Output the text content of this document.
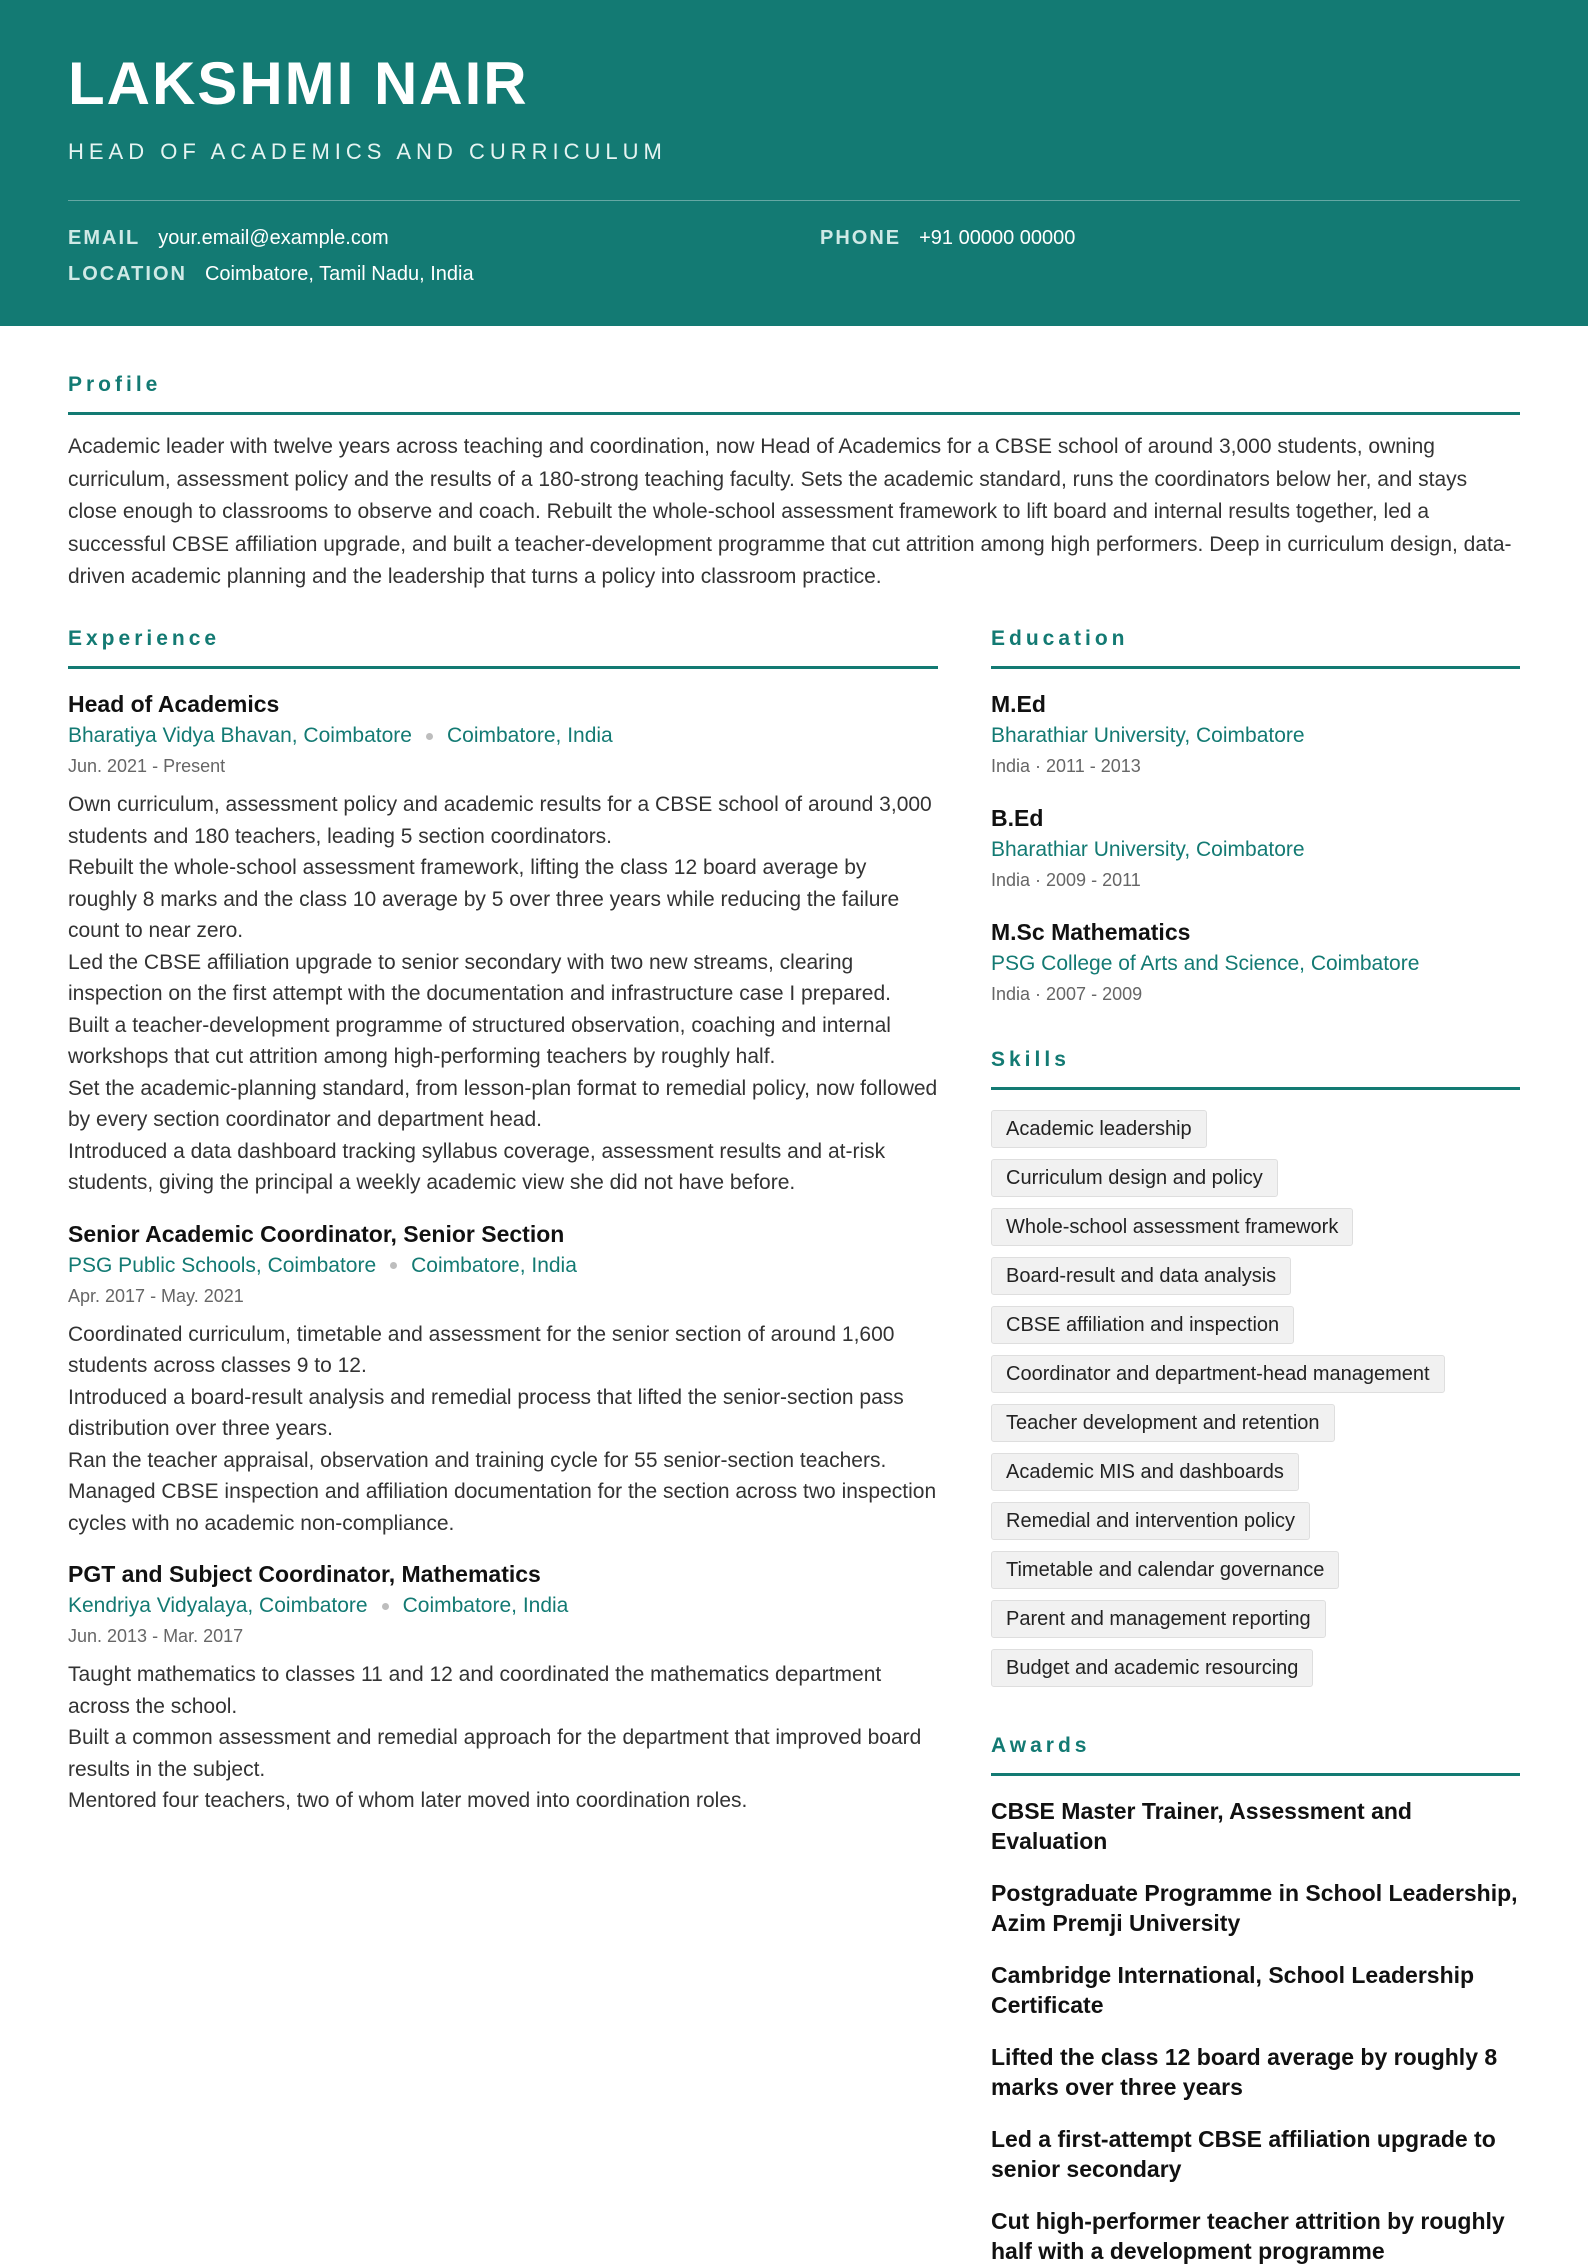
LAKSHMI NAIR
HEAD OF ACADEMICS AND CURRICULUM
EMAIL your.email@example.com	PHONE +91 00000 00000
LOCATION Coimbatore, Tamil Nadu, India
Profile

Academic leader with twelve years across teaching and coordination, now Head of Academics for a CBSE school of around 3,000 students, owning curriculum, assessment policy and the results of a 180-strong teaching faculty. Sets the academic standard, runs the coordinators below her, and stays close enough to classrooms to observe and coach. Rebuilt the whole-school assessment framework to lift board and internal results together, led a successful CBSE affiliation upgrade, and built a teacher-development programme that cut attrition among high performers. Deep in curriculum design, data-driven academic planning and the leadership that turns a policy into classroom practice.

Experience
Head of Academics
Bharatiya Vidya Bhavan, Coimbatore Coimbatore, India
Jun. 2021 - Present
Own curriculum, assessment policy and academic results for a CBSE school of around 3,000 students and 180 teachers, leading 5 section coordinators.
Rebuilt the whole-school assessment framework, lifting the class 12 board average by roughly 8 marks and the class 10 average by 5 over three years while reducing the failure count to near zero.
Led the CBSE affiliation upgrade to senior secondary with two new streams, clearing inspection on the first attempt with the documentation and infrastructure case I prepared.
Built a teacher-development programme of structured observation, coaching and internal workshops that cut attrition among high-performing teachers by roughly half.
Set the academic-planning standard, from lesson-plan format to remedial policy, now followed by every section coordinator and department head.
Introduced a data dashboard tracking syllabus coverage, assessment results and at-risk students, giving the principal a weekly academic view she did not have before.
Senior Academic Coordinator, Senior Section
PSG Public Schools, Coimbatore Coimbatore, India
Apr. 2017 - May. 2021
Coordinated curriculum, timetable and assessment for the senior section of around 1,600 students across classes 9 to 12.
Introduced a board-result analysis and remedial process that lifted the senior-section pass distribution over three years.
Ran the teacher appraisal, observation and training cycle for 55 senior-section teachers.
Managed CBSE inspection and affiliation documentation for the section across two inspection cycles with no academic non-compliance.
PGT and Subject Coordinator, Mathematics
Kendriya Vidyalaya, Coimbatore Coimbatore, India
Jun. 2013 - Mar. 2017
Taught mathematics to classes 11 and 12 and coordinated the mathematics department across the school.
Built a common assessment and remedial approach for the department that improved board results in the subject.
Mentored four teachers, two of whom later moved into coordination roles.
Education
M.Ed
Bharathiar University, Coimbatore
India · 2011 - 2013
B.Ed
Bharathiar University, Coimbatore
India · 2009 - 2011
M.Sc Mathematics
PSG College of Arts and Science, Coimbatore
India · 2007 - 2009
Skills
Academic leadership
Curriculum design and policy
Whole-school assessment framework
Board-result and data analysis
CBSE affiliation and inspection
Coordinator and department-head management
Teacher development and retention
Academic MIS and dashboards
Remedial and intervention policy
Timetable and calendar governance
Parent and management reporting
Budget and academic resourcing
Awards
CBSE Master Trainer, Assessment and Evaluation
Postgraduate Programme in School Leadership, Azim Premji University
Cambridge International, School Leadership Certificate
Lifted the class 12 board average by roughly 8 marks over three years
Led a first-attempt CBSE affiliation upgrade to senior secondary
Cut high-performer teacher attrition by roughly half with a development programme
